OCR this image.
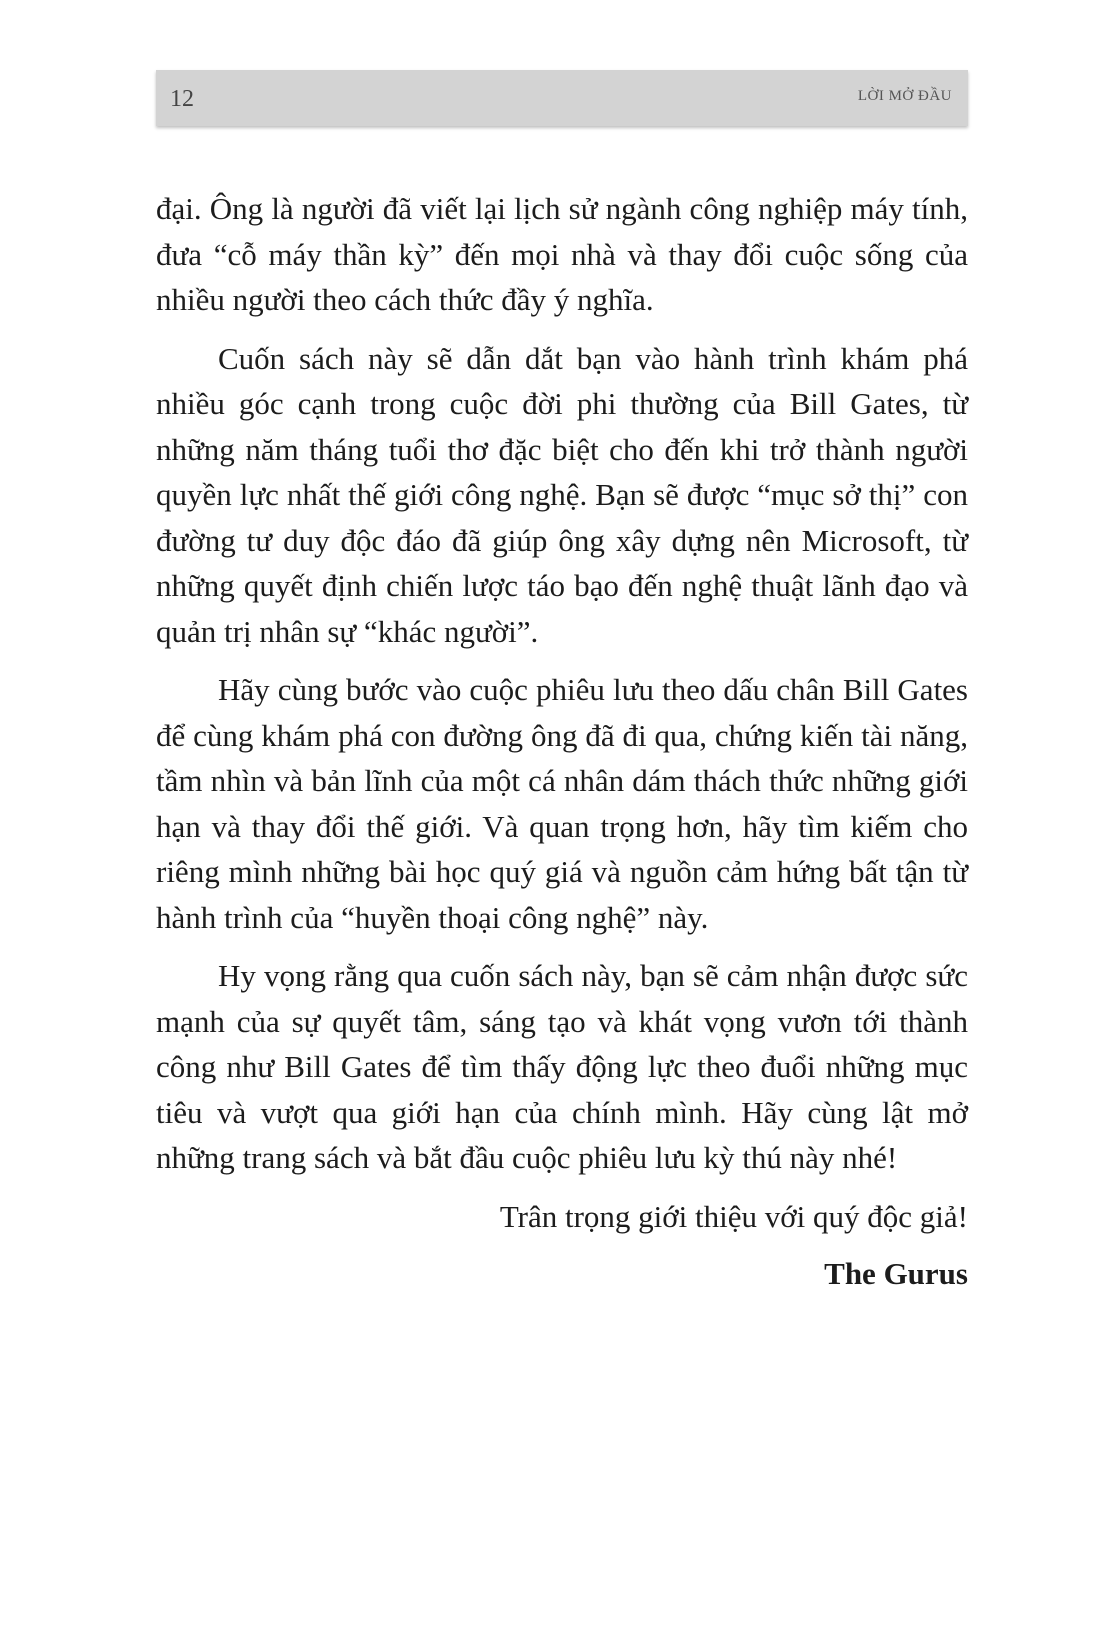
12	LỜI MỞ ĐẦU

đại. Ông là người đã viết lại lịch sử ngành công nghiệp máy tính, đưa “cỗ máy thần kỳ” đến mọi nhà và thay đổi cuộc sống của nhiều người theo cách thức đầy ý nghĩa.

Cuốn sách này sẽ dẫn dắt bạn vào hành trình khám phá nhiều góc cạnh trong cuộc đời phi thường của Bill Gates, từ những năm tháng tuổi thơ đặc biệt cho đến khi trở thành người quyền lực nhất thế giới công nghệ. Bạn sẽ được “mục sở thị” con đường tư duy độc đáo đã giúp ông xây dựng nên Microsoft, từ những quyết định chiến lược táo bạo đến nghệ thuật lãnh đạo và quản trị nhân sự “khác người”.

Hãy cùng bước vào cuộc phiêu lưu theo dấu chân Bill Gates để cùng khám phá con đường ông đã đi qua, chứng kiến tài năng, tầm nhìn và bản lĩnh của một cá nhân dám thách thức những giới hạn và thay đổi thế giới. Và quan trọng hơn, hãy tìm kiếm cho riêng mình những bài học quý giá và nguồn cảm hứng bất tận từ hành trình của “huyền thoại công nghệ” này.

Hy vọng rằng qua cuốn sách này, bạn sẽ cảm nhận được sức mạnh của sự quyết tâm, sáng tạo và khát vọng vươn tới thành công như Bill Gates để tìm thấy động lực theo đuổi những mục tiêu và vượt qua giới hạn của chính mình. Hãy cùng lật mở những trang sách và bắt đầu cuộc phiêu lưu kỳ thú này nhé!

Trân trọng giới thiệu với quý độc giả!

The Gurus
